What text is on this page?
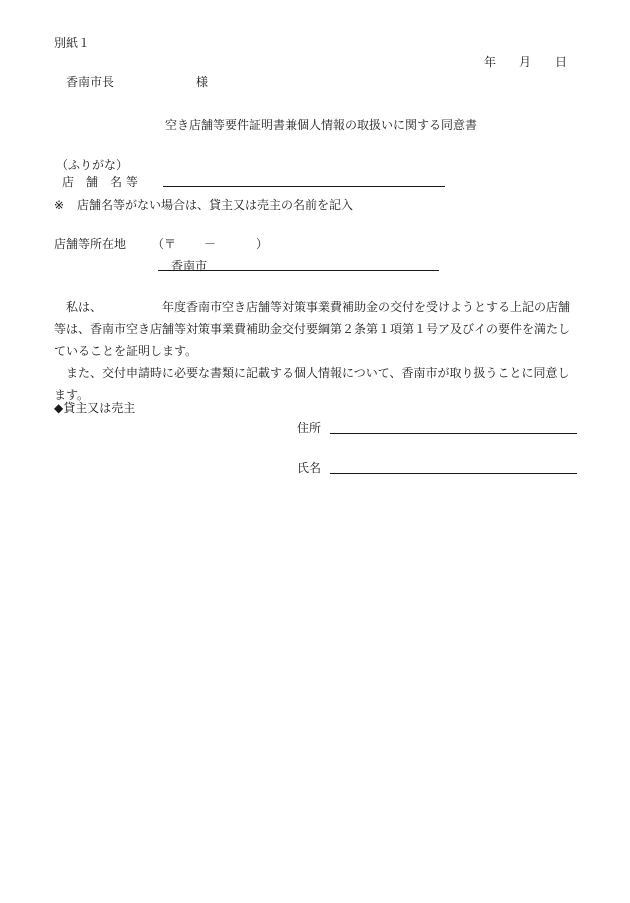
別紙１
年 月 日
香南市長	様
空き店舗等要件証明書兼個人情報の取扱いに関する同意書
（ふりがな）
店　舗　名 等
※ 店舗名等がない場合は、貸主又は売主の名前を記入
店舗等所在地 （〒 －	）
香南市

私は、	年度香南市空き店舗等対策事業費補助金の交付を受けようとする上記の店舗等は、香南市空き店舗等対策事業費補助金交付要綱第２条第１項第１号ア及びイの要件を満たしていることを証明します。

また、交付申請時に必要な書類に記載する個人情報について、香南市が取り扱うことに同意します。

◆貸主又は売主
住所
氏名
